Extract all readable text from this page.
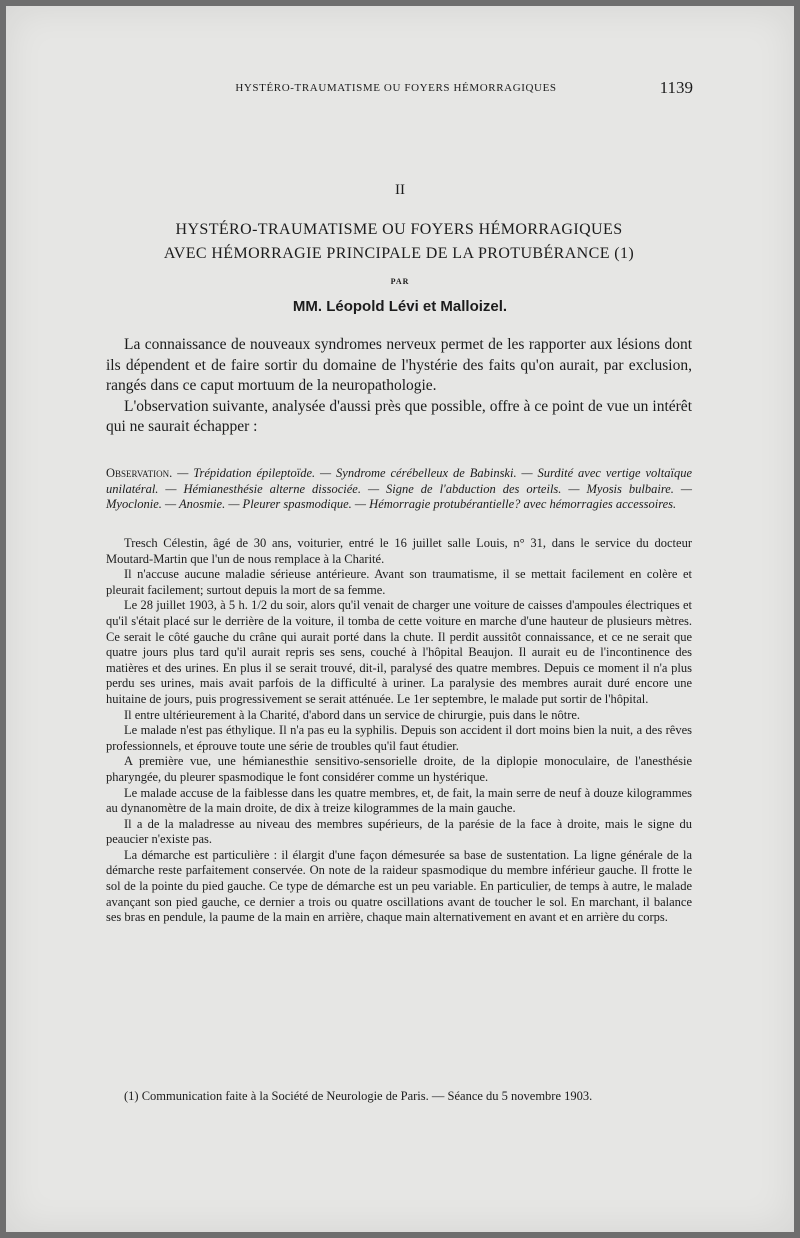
HYSTÉRO-TRAUMATISME OU FOYERS HÉMORRAGIQUES	1139
II
HYSTÉRO-TRAUMATISME OU FOYERS HÉMORRAGIQUES
AVEC HÉMORRAGIE PRINCIPALE DE LA PROTUBÉRANCE (1)
PAR
MM. Léopold Lévi et Malloizel.

La connaissance de nouveaux syndromes nerveux permet de les rapporter aux lésions dont ils dépendent et de faire sortir du domaine de l'hystérie des faits qu'on aurait, par exclusion, rangés dans ce caput mortuum de la neuropathologie.

L'observation suivante, analysée d'aussi près que possible, offre à ce point de vue un intérêt qui ne saurait échapper :

Observation. — Trépidation épileptoïde. — Syndrome cérébelleux de Babinski. — Surdité avec vertige voltaïque unilatéral. — Hémianesthésie alterne dissociée. — Signe de l'abduction des orteils. — Myosis bulbaire. — Myoclonie. — Anosmie. — Pleurer spasmodique. — Hémorragie protubérantielle? avec hémorragies accessoires.

Tresch Célestin, âgé de 30 ans, voiturier, entré le 16 juillet salle Louis, n° 31, dans le service du docteur Moutard-Martin que l'un de nous remplace à la Charité.

Il n'accuse aucune maladie sérieuse antérieure. Avant son traumatisme, il se mettait facilement en colère et pleurait facilement; surtout depuis la mort de sa femme.

Le 28 juillet 1903, à 5 h. 1/2 du soir, alors qu'il venait de charger une voiture de caisses d'ampoules électriques et qu'il s'était placé sur le derrière de la voiture, il tomba de cette voiture en marche d'une hauteur de plusieurs mètres. Ce serait le côté gauche du crâne qui aurait porté dans la chute. Il perdit aussitôt connaissance, et ce ne serait que quatre jours plus tard qu'il aurait repris ses sens, couché à l'hôpital Beaujon. Il aurait eu de l'incontinence des matières et des urines. En plus il se serait trouvé, dit-il, paralysé des quatre membres. Depuis ce moment il n'a plus perdu ses urines, mais avait parfois de la difficulté à uriner. La paralysie des membres aurait duré encore une huitaine de jours, puis progressivement se serait atténuée. Le 1er septembre, le malade put sortir de l'hôpital.

Il entre ultérieurement à la Charité, d'abord dans un service de chirurgie, puis dans le nôtre.

Le malade n'est pas éthylique. Il n'a pas eu la syphilis. Depuis son accident il dort moins bien la nuit, a des rêves professionnels, et éprouve toute une série de troubles qu'il faut étudier.

A première vue, une hémianesthie sensitivo-sensorielle droite, de la diplopie monoculaire, de l'anesthésie pharyngée, du pleurer spasmodique le font considérer comme un hystérique.

Le malade accuse de la faiblesse dans les quatre membres, et, de fait, la main serre de neuf à douze kilogrammes au dynanomètre de la main droite, de dix à treize kilogrammes de la main gauche.

Il a de la maladresse au niveau des membres supérieurs, de la parésie de la face à droite, mais le signe du peaucier n'existe pas.

La démarche est particulière : il élargit d'une façon démesurée sa base de sustentation. La ligne générale de la démarche reste parfaitement conservée. On note de la raideur spasmodique du membre inférieur gauche. Il frotte le sol de la pointe du pied gauche. Ce type de démarche est un peu variable. En particulier, de temps à autre, le malade avançant son pied gauche, ce dernier a trois ou quatre oscillations avant de toucher le sol. En marchant, il balance ses bras en pendule, la paume de la main en arrière, chaque main alternativement en avant et en arrière du corps.

(1) Communication faite à la Société de Neurologie de Paris. — Séance du 5 novembre 1903.
